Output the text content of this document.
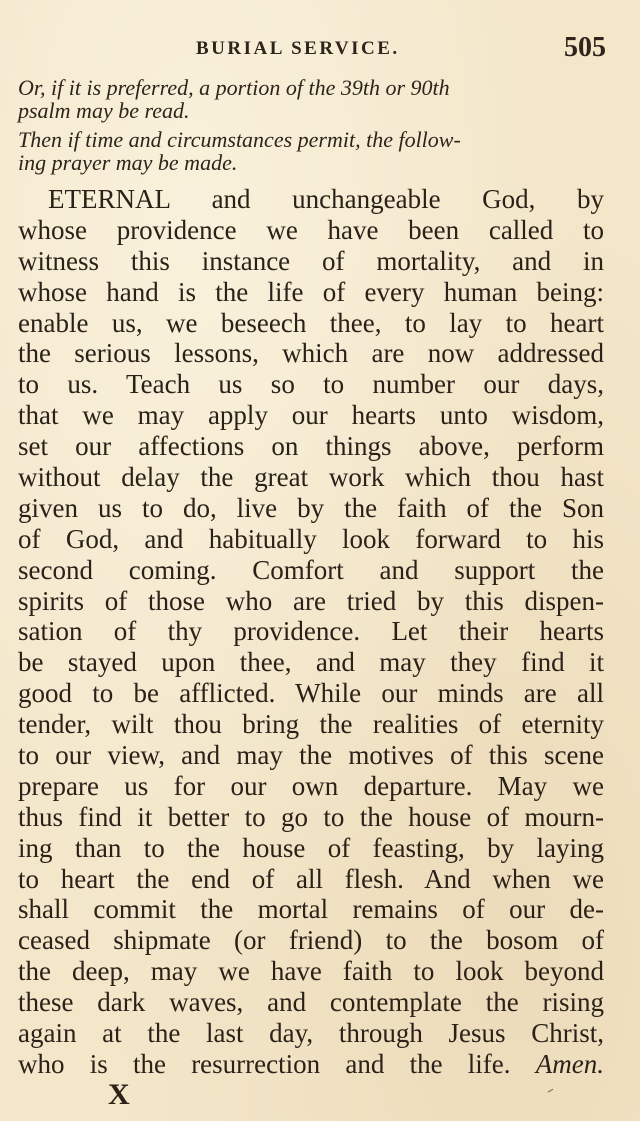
BURIAL SERVICE.	505
Or, if it is preferred, a portion of the 39th or 90th
psalm may be read.
Then if time and circumstances permit, the follow-
ing prayer may be made.
ETERNAL and unchangeable God, by
whose providence we have been called to
witness this instance of mortality, and in
whose hand is the life of every human being:
enable us, we beseech thee, to lay to heart
the serious lessons, which are now addressed
to us. Teach us so to number our days,
that we may apply our hearts unto wisdom,
set our affections on things above, perform
without delay the great work which thou hast
given us to do, live by the faith of the Son
of God, and habitually look forward to his
second coming. Comfort and support the
spirits of those who are tried by this dispen-
sation of thy providence. Let their hearts
be stayed upon thee, and may they find it
good to be afflicted. While our minds are all
tender, wilt thou bring the realities of eternity
to our view, and may the motives of this scene
prepare us for our own departure. May we
thus find it better to go to the house of mourn-
ing than to the house of feasting, by laying
to heart the end of all flesh. And when we
shall commit the mortal remains of our de-
ceased shipmate (or friend) to the bosom of
the deep, may we have faith to look beyond
these dark waves, and contemplate the rising
again at the last day, through Jesus Christ,
who is the resurrection and the life. Amen.
X
